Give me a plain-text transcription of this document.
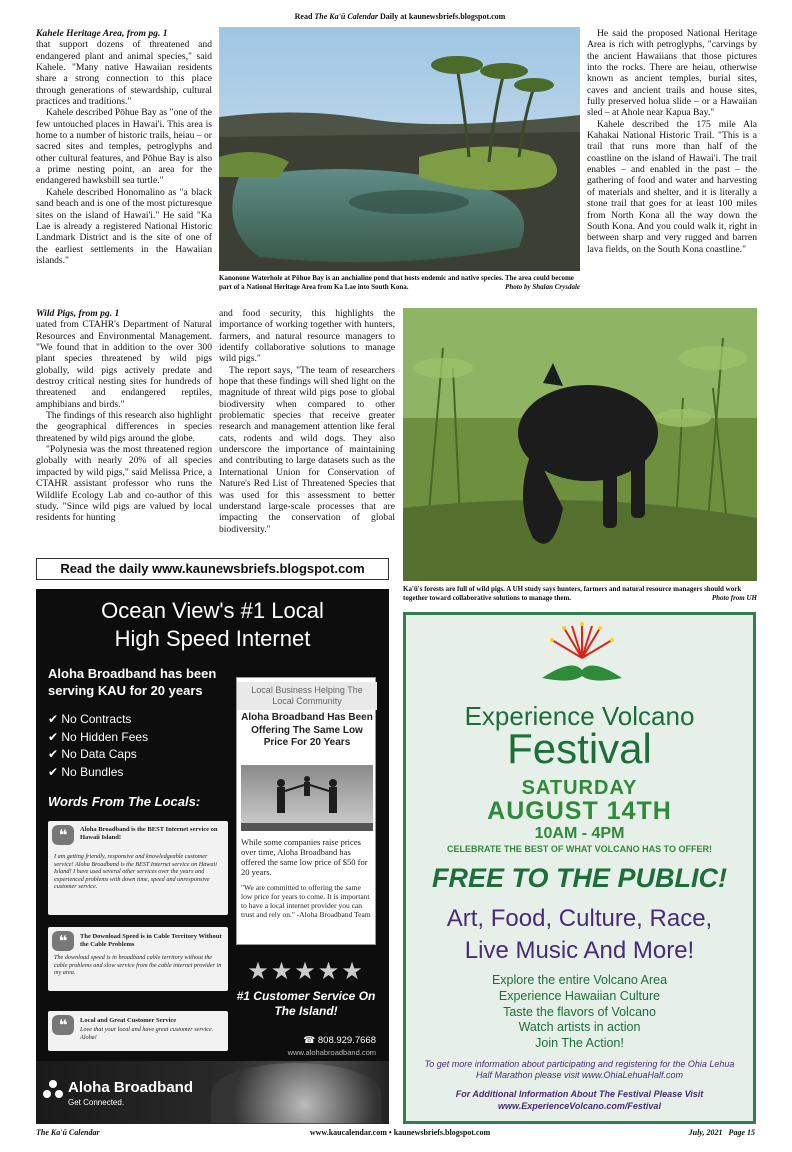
Read The Ka'ū Calendar Daily at kaunewsbriefs.blogspot.com

Kahele Heritage Area, from pg. 1

that support dozens of threatened and endangered plant and animal species," said Kahele. "Many native Hawaiian residents share a strong connection to this place through generations of stewardship, cultural practices and traditions."

Kahele described Pōhue Bay as "one of the few untouched places in Hawai'i. This area is home to a number of historic trails, heiau – or sacred sites and temples, petroglyphs and other cultural features, and Pōhue Bay is also a prime nesting point, an area for the endangered hawksbill sea turtle."

Kahele described Honomalino as "a black sand beach and is one of the most picturesque sites on the island of Hawai'i." He said "Ka Lae is already a registered National Historic Landmark District and is the site of one of the earliest settlements in the Hawaiian islands."

Kanonone Waterhole at Pōhue Bay is an anchialine pond that hosts endemic and native species. The area could become part of a National Heritage Area from Ka Lae into South Kona.	Photo by Shalan Crysdale

He said the proposed National Heritage Area is rich with petroglyphs, "carvings by the ancient Hawaiians that those pictures into the rocks. There are heiau, otherwise known as ancient temples, burial sites, caves and ancient trails and house sites, fully preserved holua slide – or a Hawaiian sled – at Ahole near Kapua Bay."

Kahele described the 175 mile Ala Kahakai National Historic Trail. "This is a trail that runs more than half of the coastline on the island of Hawai'i. The trail enables – and enabled in the past – the gathering of food and water and harvesting of materials and shelter, and it is literally a stone trail that goes for at least 100 miles from North Kona all the way down the South Kona. And you could walk it, right in between sharp and very rugged and barren lava fields, on the South Kona coastline."

Wild Pigs, from pg. 1

uated from CTAHR's Department of Natural Resources and Environmental Management. "We found that in addition to the over 300 plant species threatened by wild pigs globally, wild pigs actively predate and destroy critical nesting sites for hundreds of threatened and endangered reptiles, amphibians and birds."

The findings of this research also highlight the geographical differences in species threatened by wild pigs around the globe.

"Polynesia was the most threatened region globally with nearly 20% of all species impacted by wild pigs," said Melissa Price, a CTAHR assistant professor who runs the Wildlife Ecology Lab and co-author of this study. "Since wild pigs are valued by local residents for hunting

and food security, this highlights the importance of working together with hunters, farmers, and natural resource managers to identify collaborative solutions to manage wild pigs."

The report says, "The team of researchers hope that these findings will shed light on the magnitude of threat wild pigs pose to global biodiversity when compared to other problematic species that receive greater research and management attention like feral cats, rodents and wild dogs. They also underscore the importance of maintaining and contributing to large datasets such as the International Union for Conservation of Nature's Red List of Threatened Species that was used for this assessment to better understand large-scale processes that are impacting the conservation of global biodiversity."

Read the daily www.kaunewsbriefs.blogspot.com
Ka'ū's forests are full of wild pigs. A UH study says hunters, farmers and natural resource managers should work together toward collaborative solutions to manage them.	Photo from UH
Ocean View's #1 Local
High Speed Internet
Aloha Broadband has been serving KAU for 20 years
✔ No Contracts
✔ No Hidden Fees
✔ No Data Caps
✔ No Bundles
Words From The Locals:
❝	Aloha Broadband is the BEST Internet service on Hawaii Island!
I am getting friendly, responsive and knowledgeable customer service! Aloha Broadband is the BEST Internet service on Hawaii Island! I have used several other services over the years and experienced problems with down time, speed and unresponsive customer service.
❝	The Download Speed is in Cable Territory Without the Cable Problems
The download speed is in broadband cable territory without the cable problems and slow service from the cable internet provider in my area.
❝	Local and Great Customer Service
Love that your local and have great customer service. Aloha!
Local Business Helping The Local Community
Aloha Broadband Has Been Offering The Same Low Price For 20 Years
While some companies raise prices over time, Aloha Broadband has offered the same low price of $50 for 20 years.
"We are committed to offering the same low price for years to come. It is important to have a local internet provider you can trust and rely on." -Aloha Broadband Team
★★★★★
#1 Customer Service On The Island!
☎ 808.929.7668
www.alohabroadband.com
Aloha Broadband
Get Connected.
Experience Volcano
Festival
SATURDAY
AUGUST 14TH
10AM - 4PM
CELEBRATE THE BEST OF WHAT VOLCANO HAS TO OFFER!
FREE TO THE PUBLIC!
Art, Food, Culture, Race,
Live Music And More!
Explore the entire Volcano Area
Experience Hawaiian Culture
Taste the flavors of Volcano
Watch artists in action
Join The Action!
To get more information about participating and registering for the Ohia Lehua Half Marathon please visit www.OhiaLehuaHalf.com
For Additional Information About The Festival Please Visit
www.ExperienceVolcano.com/Festival
The Ka'ū Calendar	www.kaucalendar.com • kaunewsbriefs.blogspot.com	July, 2021   Page 15
